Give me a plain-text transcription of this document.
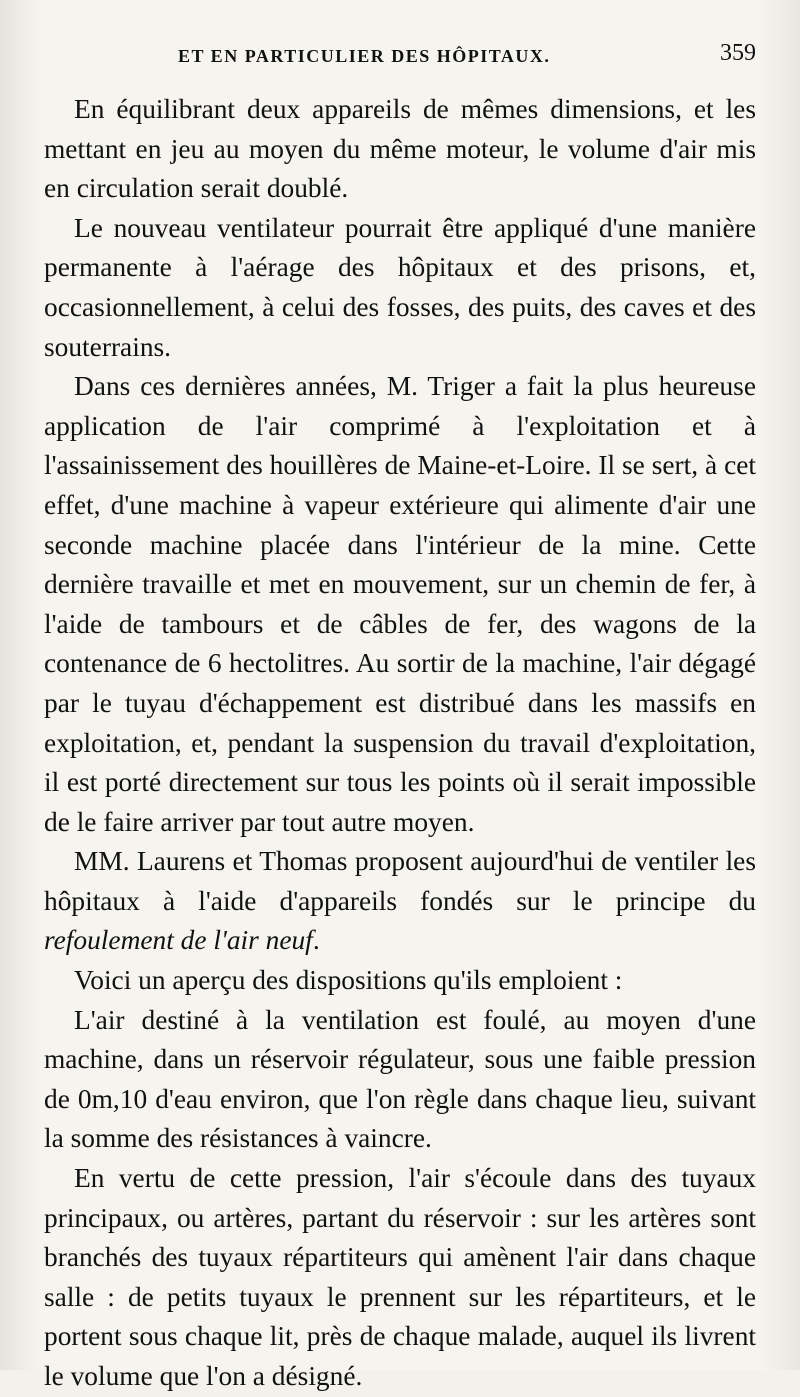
ET EN PARTICULIER DES HÔPITAUX.	359

En équilibrant deux appareils de mêmes dimensions, et les mettant en jeu au moyen du même moteur, le volume d'air mis en circulation serait doublé.

Le nouveau ventilateur pourrait être appliqué d'une manière permanente à l'aérage des hôpitaux et des prisons, et, occasionnellement, à celui des fosses, des puits, des caves et des souterrains.

Dans ces dernières années, M. Triger a fait la plus heureuse application de l'air comprimé à l'exploitation et à l'assainissement des houillères de Maine-et-Loire. Il se sert, à cet effet, d'une machine à vapeur extérieure qui alimente d'air une seconde machine placée dans l'intérieur de la mine. Cette dernière travaille et met en mouvement, sur un chemin de fer, à l'aide de tambours et de câbles de fer, des wagons de la contenance de 6 hectolitres. Au sortir de la machine, l'air dégagé par le tuyau d'échappement est distribué dans les massifs en exploitation, et, pendant la suspension du travail d'exploitation, il est porté directement sur tous les points où il serait impossible de le faire arriver par tout autre moyen.

MM. Laurens et Thomas proposent aujourd'hui de ventiler les hôpitaux à l'aide d'appareils fondés sur le principe du refoulement de l'air neuf.

Voici un aperçu des dispositions qu'ils emploient :

L'air destiné à la ventilation est foulé, au moyen d'une machine, dans un réservoir régulateur, sous une faible pression de 0m,10 d'eau environ, que l'on règle dans chaque lieu, suivant la somme des résistances à vaincre.

En vertu de cette pression, l'air s'écoule dans des tuyaux principaux, ou artères, partant du réservoir : sur les artères sont branchés des tuyaux répartiteurs qui amènent l'air dans chaque salle : de petits tuyaux le prennent sur les répartiteurs, et le portent sous chaque lit, près de chaque malade, auquel ils livrent le volume que l'on a désigné.
